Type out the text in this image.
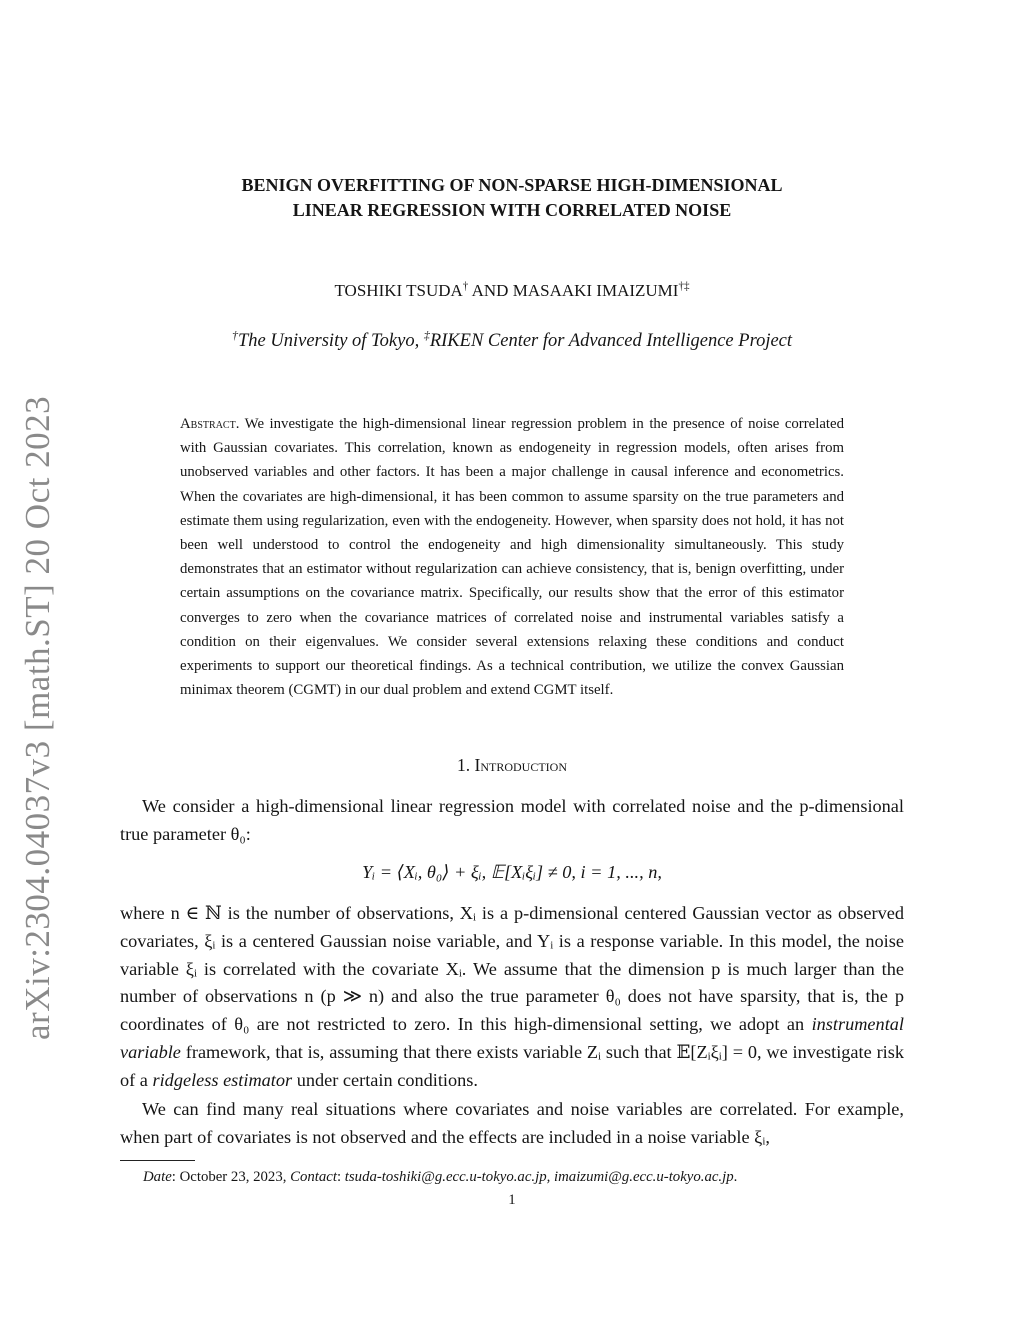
arXiv:2304.04037v3 [math.ST] 20 Oct 2023
BENIGN OVERFITTING OF NON-SPARSE HIGH-DIMENSIONAL
LINEAR REGRESSION WITH CORRELATED NOISE
TOSHIKI TSUDA† AND MASAAKI IMAIZUMI†‡
†The University of Tokyo, ‡RIKEN Center for Advanced Intelligence Project
Abstract. We investigate the high-dimensional linear regression problem in the presence of noise correlated with Gaussian covariates. This correlation, known as endogeneity in regression models, often arises from unobserved variables and other factors. It has been a major challenge in causal inference and econometrics. When the covariates are high-dimensional, it has been common to assume sparsity on the true parameters and estimate them using regularization, even with the endogeneity. However, when sparsity does not hold, it has not been well understood to control the endogeneity and high dimensionality simultaneously. This study demonstrates that an estimator without regularization can achieve consistency, that is, benign overfitting, under certain assumptions on the covariance matrix. Specifically, our results show that the error of this estimator converges to zero when the covariance matrices of correlated noise and instrumental variables satisfy a condition on their eigenvalues. We consider several extensions relaxing these conditions and conduct experiments to support our theoretical findings. As a technical contribution, we utilize the convex Gaussian minimax theorem (CGMT) in our dual problem and extend CGMT itself.
1. Introduction
We consider a high-dimensional linear regression model with correlated noise and the p-dimensional true parameter θ₀:
Yᵢ = ⟨Xᵢ, θ₀⟩ + ξᵢ, 𝔼[Xᵢξᵢ] ≠ 0, i = 1, ..., n,
where n ∈ ℕ is the number of observations, Xᵢ is a p-dimensional centered Gaussian vector as observed covariates, ξᵢ is a centered Gaussian noise variable, and Yᵢ is a response variable. In this model, the noise variable ξᵢ is correlated with the covariate Xᵢ. We assume that the dimension p is much larger than the number of observations n (p ≫ n) and also the true parameter θ₀ does not have sparsity, that is, the p coordinates of θ₀ are not restricted to zero. In this high-dimensional setting, we adopt an instrumental variable framework, that is, assuming that there exists variable Zᵢ such that 𝔼[Zᵢξᵢ] = 0, we investigate risk of a ridgeless estimator under certain conditions.
We can find many real situations where covariates and noise variables are correlated. For example, when part of covariates is not observed and the effects are included in a noise variable ξᵢ,
Date: October 23, 2023, Contact: tsuda-toshiki@g.ecc.u-tokyo.ac.jp, imaizumi@g.ecc.u-tokyo.ac.jp.
1
